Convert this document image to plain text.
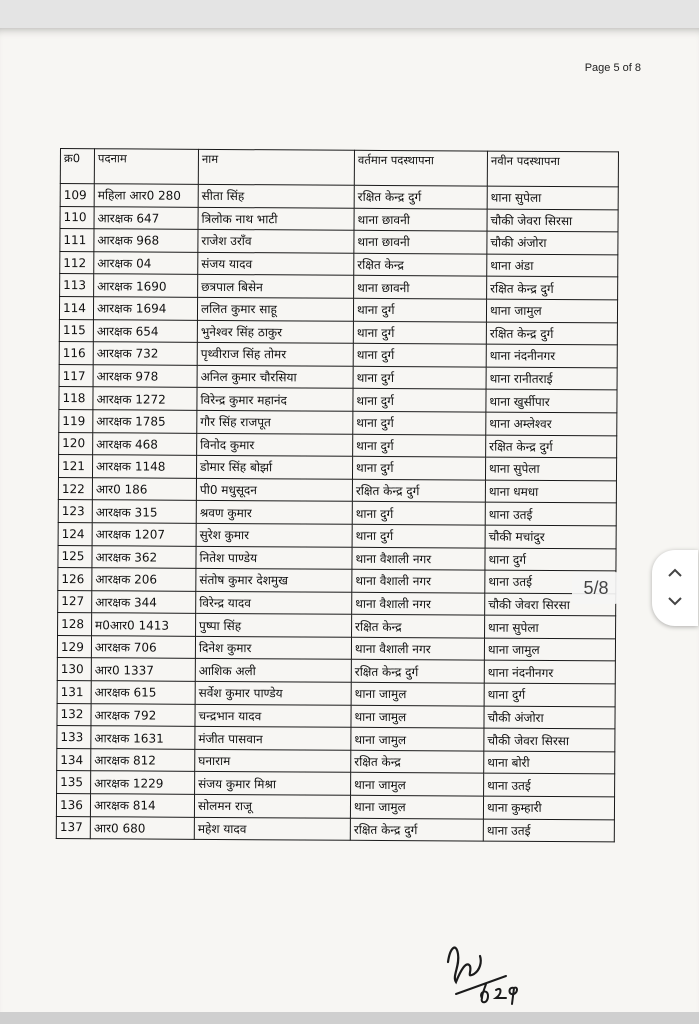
Page 5 of 8
क्र0	पदनाम	नाम	वर्तमान पदस्थापना	नवीन पदस्थापना
109	महिला आर0 280	सीता सिंह	रक्षित केन्द्र दुर्ग	थाना सुपेला
110	आरक्षक 647	त्रिलोक नाथ भाटी	थाना छावनी	चौकी जेवरा सिरसा
111	आरक्षक 968	राजेश उराँव	थाना छावनी	चौकी अंजोरा
112	आरक्षक 04	संजय यादव	रक्षित केन्द्र	थाना अंडा
113	आरक्षक 1690	छत्रपाल बिसेन	थाना छावनी	रक्षित केन्द्र दुर्ग
114	आरक्षक 1694	ललित कुमार साहू	थाना दुर्ग	थाना जामुल
115	आरक्षक 654	भुनेश्वर सिंह ठाकुर	थाना दुर्ग	रक्षित केन्द्र दुर्ग
116	आरक्षक 732	पृथ्वीराज सिंह तोमर	थाना दुर्ग	थाना नंदनीनगर
117	आरक्षक 978	अनिल कुमार चौरसिया	थाना दुर्ग	थाना रानीतराई
118	आरक्षक 1272	विरेन्द्र कुमार महानंद	थाना दुर्ग	थाना खुर्सीपार
119	आरक्षक 1785	गौर सिंह राजपूत	थाना दुर्ग	थाना अम्लेश्वर
120	आरक्षक 468	विनोद कुमार	थाना दुर्ग	रक्षित केन्द्र दुर्ग
121	आरक्षक 1148	डोमार सिंह बोर्झा	थाना दुर्ग	थाना सुपेला
122	आर0 186	पी0 मधुसूदन	रक्षित केन्द्र दुर्ग	थाना धमधा
123	आरक्षक 315	श्रवण कुमार	थाना दुर्ग	थाना उतई
124	आरक्षक 1207	सुरेश कुमार	थाना दुर्ग	चौकी मचांदुर
125	आरक्षक 362	नितेश पाण्डेय	थाना वैशाली नगर	थाना दुर्ग
126	आरक्षक 206	संतोष कुमार देशमुख	थाना वैशाली नगर	थाना उतई
127	आरक्षक 344	विरेन्द्र यादव	थाना वैशाली नगर	चौकी जेवरा सिरसा
128	म0आर0 1413	पुष्पा सिंह	रक्षित केन्द्र	थाना सुपेला
129	आरक्षक 706	दिनेश कुमार	थाना वैशाली नगर	थाना जामुल
130	आर0 1337	आशिक अली	रक्षित केन्द्र दुर्ग	थाना नंदनीनगर
131	आरक्षक 615	सर्वेश कुमार पाण्डेय	थाना जामुल	थाना दुर्ग
132	आरक्षक 792	चन्द्रभान यादव	थाना जामुल	चौकी अंजोरा
133	आरक्षक 1631	मंजीत पासवान	थाना जामुल	चौकी जेवरा सिरसा
134	आरक्षक 812	घनाराम	रक्षित केन्द्र	थाना बोरी
135	आरक्षक 1229	संजय कुमार मिश्रा	थाना जामुल	थाना उतई
136	आरक्षक 814	सोलमन राजू	थाना जामुल	थाना कुम्हारी
137	आर0 680	महेश यादव	रक्षित केन्द्र दुर्ग	थाना उतई
5/8
